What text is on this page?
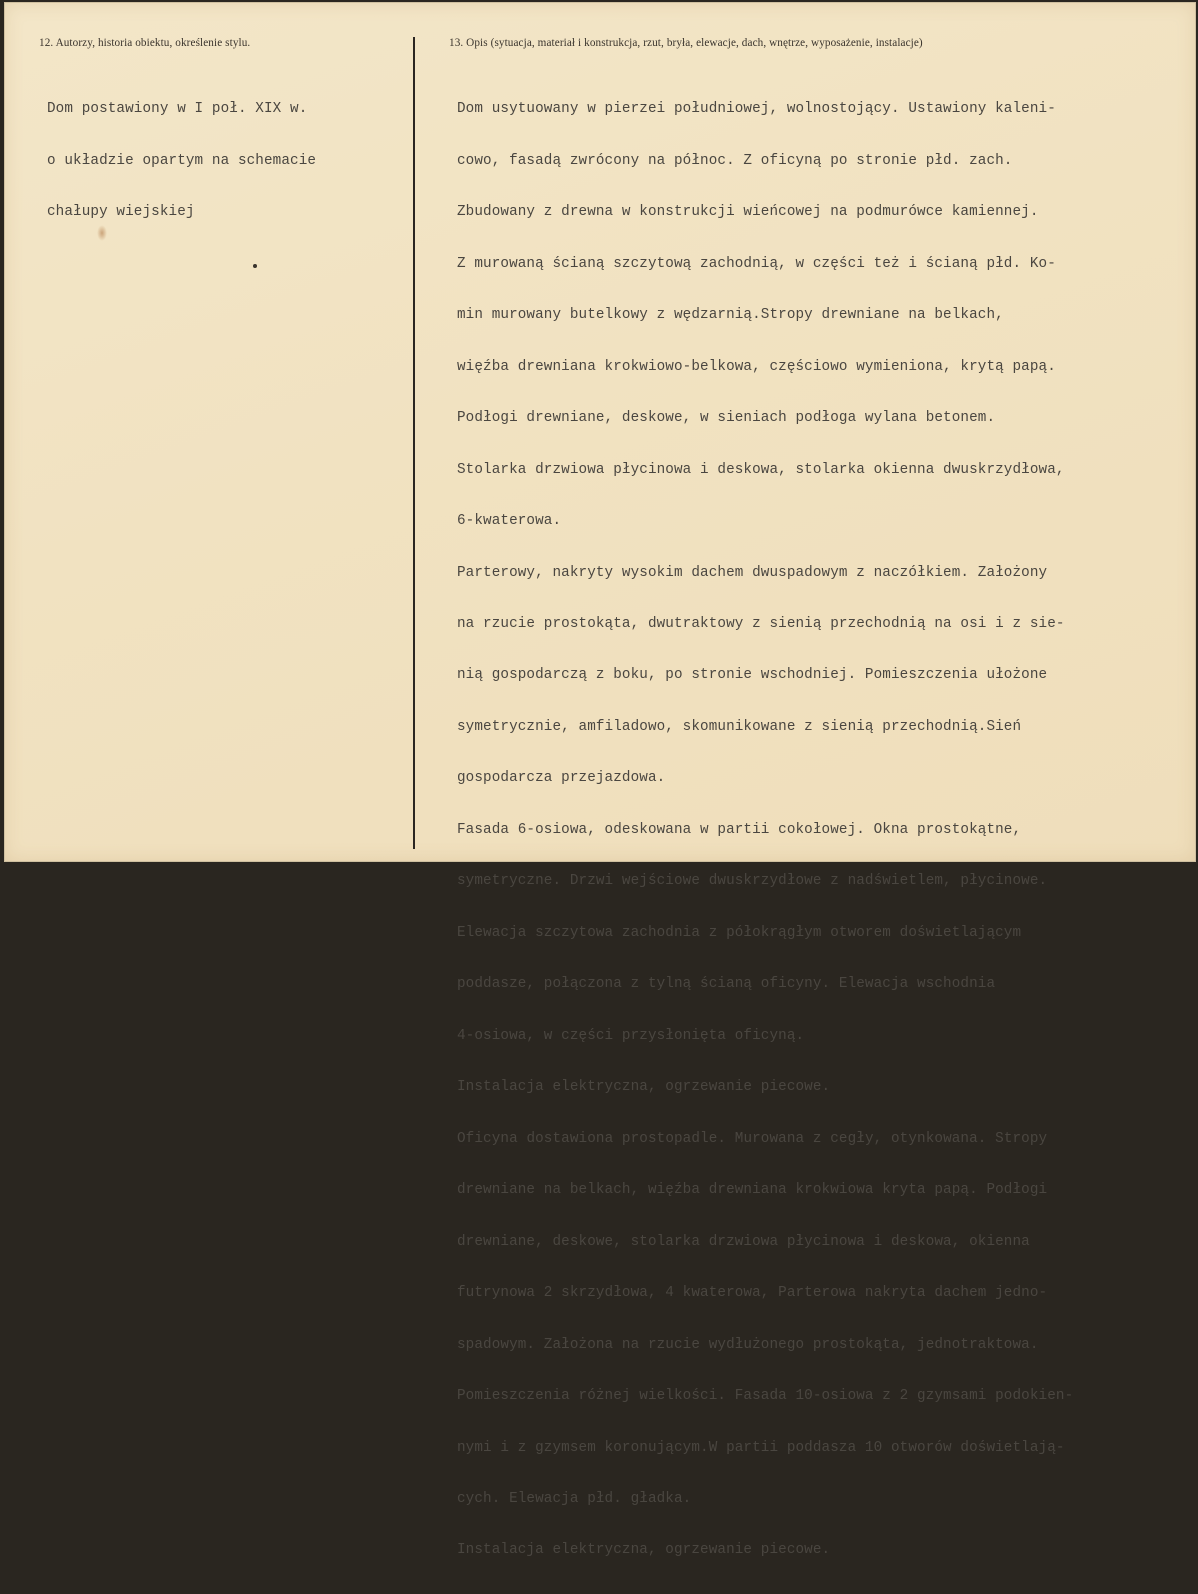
12. Autorzy, historia obiektu, określenie stylu.	13. Opis (sytuacja, materiał i konstrukcja, rzut, bryła, elewacje, dach, wnętrze, wyposażenie, instalacje)

Dom postawiony w I poł. XIX w.

o układzie opartym na schemacie

chałupy wiejskiej

Dom usytuowany w pierzei południowej, wolnostojący. Ustawiony kaleni-

cowo, fasadą zwrócony na północ. Z oficyną po stronie płd. zach.

Zbudowany z drewna w konstrukcji wieńcowej na podmurówce kamiennej.

Z murowaną ścianą szczytową zachodnią, w części też i ścianą płd. Ko-

min murowany butelkowy z wędzarnią.Stropy drewniane na belkach,

więźba drewniana krokwiowo-belkowa, częściowo wymieniona, krytą papą.

Podłogi drewniane, deskowe, w sieniach podłoga wylana betonem.

Stolarka drzwiowa płycinowa i deskowa, stolarka okienna dwuskrzydłowa,

6-kwaterowa.

Parterowy, nakryty wysokim dachem dwuspadowym z naczółkiem. Założony

na rzucie prostokąta, dwutraktowy z sienią przechodnią na osi i z sie-

nią gospodarczą z boku, po stronie wschodniej. Pomieszczenia ułożone

symetrycznie, amfiladowo, skomunikowane z sienią przechodnią.Sień

gospodarcza przejazdowa.

Fasada 6-osiowa, odeskowana w partii cokołowej. Okna prostokątne,

symetryczne. Drzwi wejściowe dwuskrzydłowe z nadświetlem, płycinowe.

Elewacja szczytowa zachodnia z półokrągłym otworem doświetlającym

poddasze, połączona z tylną ścianą oficyny. Elewacja wschodnia

4-osiowa, w części przysłonięta oficyną.

Instalacja elektryczna, ogrzewanie piecowe.

Oficyna dostawiona prostopadle. Murowana z cegły, otynkowana. Stropy

drewniane na belkach, więźba drewniana krokwiowa kryta papą. Podłogi

drewniane, deskowe, stolarka drzwiowa płycinowa i deskowa, okienna

futrynowa 2 skrzydłowa, 4 kwaterowa, Parterowa nakryta dachem jedno-

spadowym. Założona na rzucie wydłużonego prostokąta, jednotraktowa.

Pomieszczenia różnej wielkości. Fasada 10-osiowa z 2 gzymsami podokien-

nymi i z gzymsem koronującym.W partii poddasza 10 otworów doświetlają-

cych. Elewacja płd. gładka.

Instalacja elektryczna, ogrzewanie piecowe.
